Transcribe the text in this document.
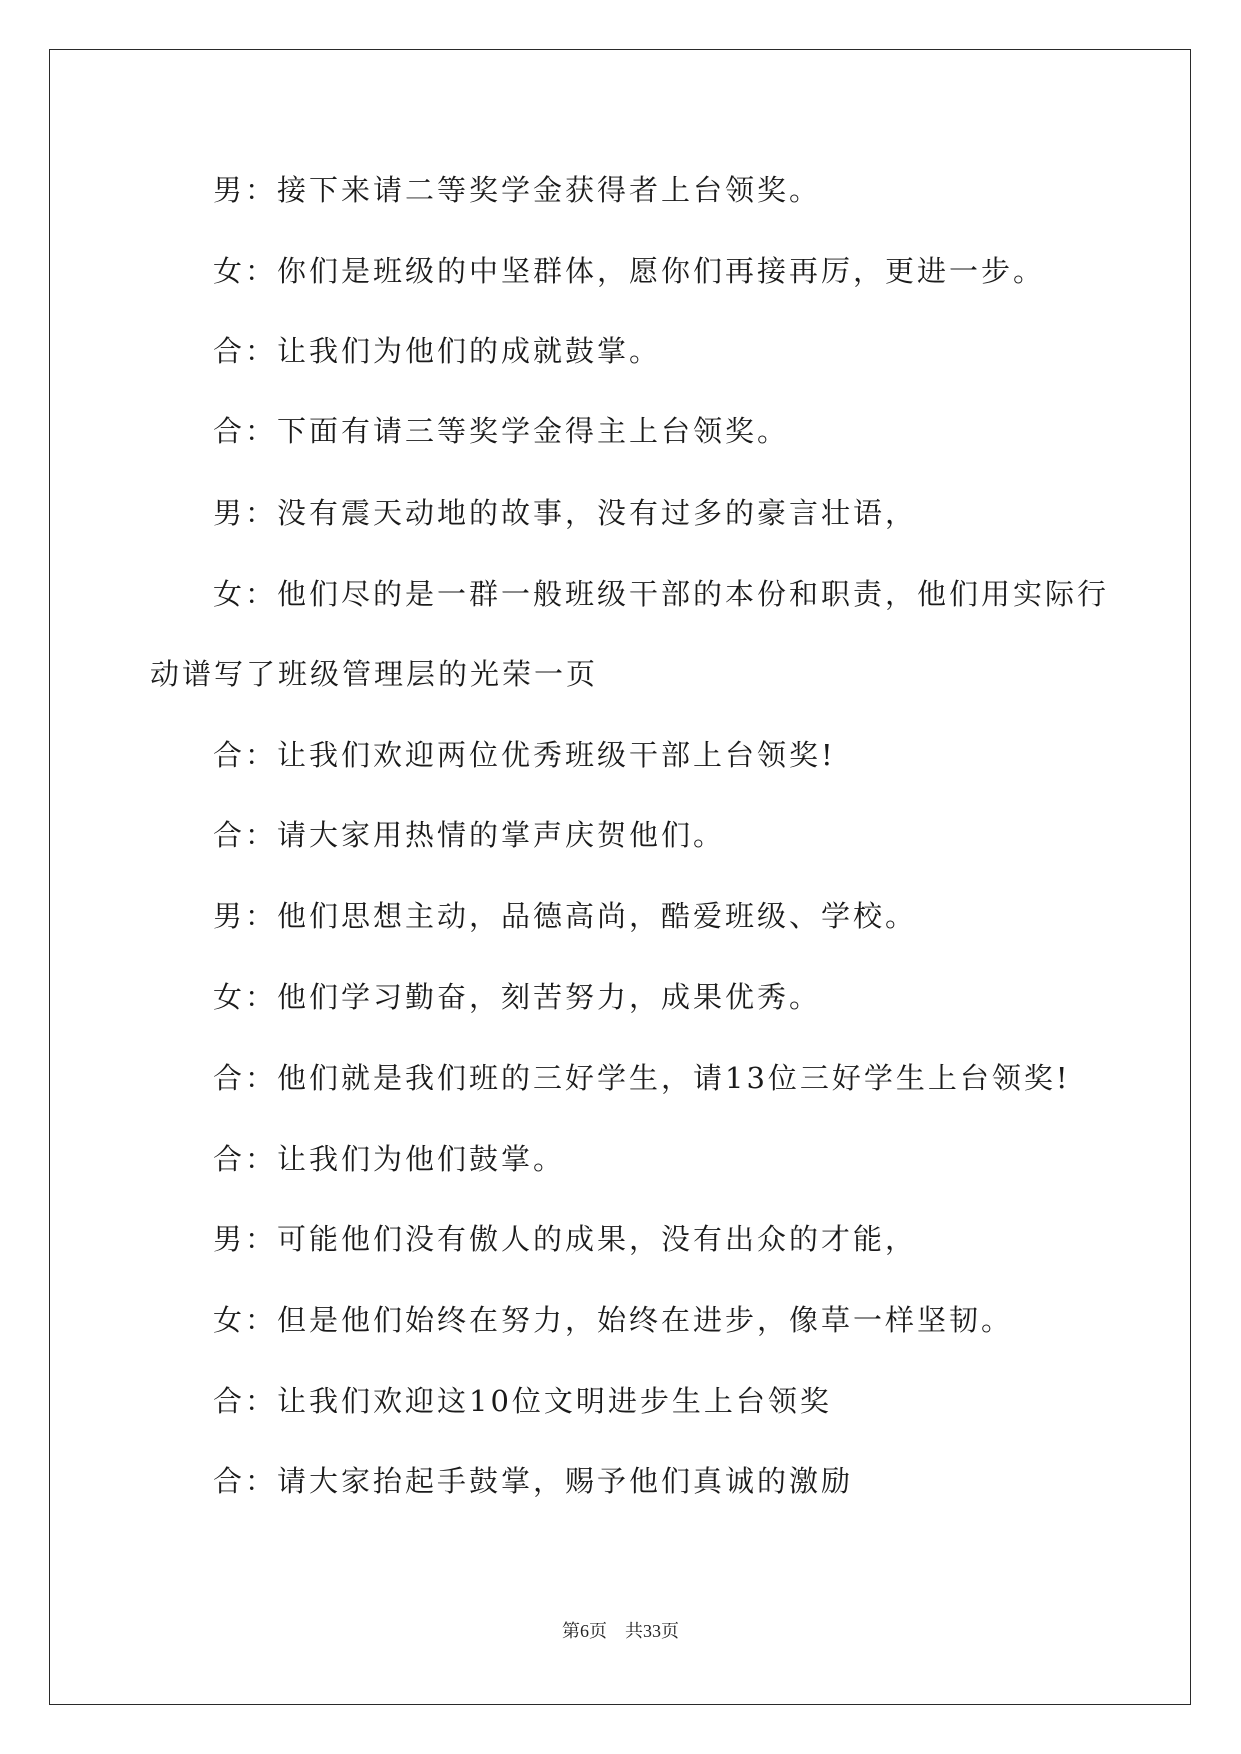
男：接下来请二等奖学金获得者上台领奖。
女：你们是班级的中坚群体，愿你们再接再厉，更进一步。
合：让我们为他们的成就鼓掌。
合：下面有请三等奖学金得主上台领奖。
男：没有震天动地的故事，没有过多的豪言壮语，
女：他们尽的是一群一般班级干部的本份和职责，他们用实际行
动谱写了班级管理层的光荣一页
合：让我们欢迎两位优秀班级干部上台领奖!
合：请大家用热情的掌声庆贺他们。
男：他们思想主动，品德高尚，酷爱班级、学校。
女：他们学习勤奋，刻苦努力，成果优秀。
合：他们就是我们班的三好学生，请13位三好学生上台领奖!
合：让我们为他们鼓掌。
男：可能他们没有傲人的成果，没有出众的才能，
女：但是他们始终在努力，始终在进步，像草一样坚韧。
合：让我们欢迎这10位文明进步生上台领奖
合：请大家抬起手鼓掌，赐予他们真诚的激励
第6页 共33页
